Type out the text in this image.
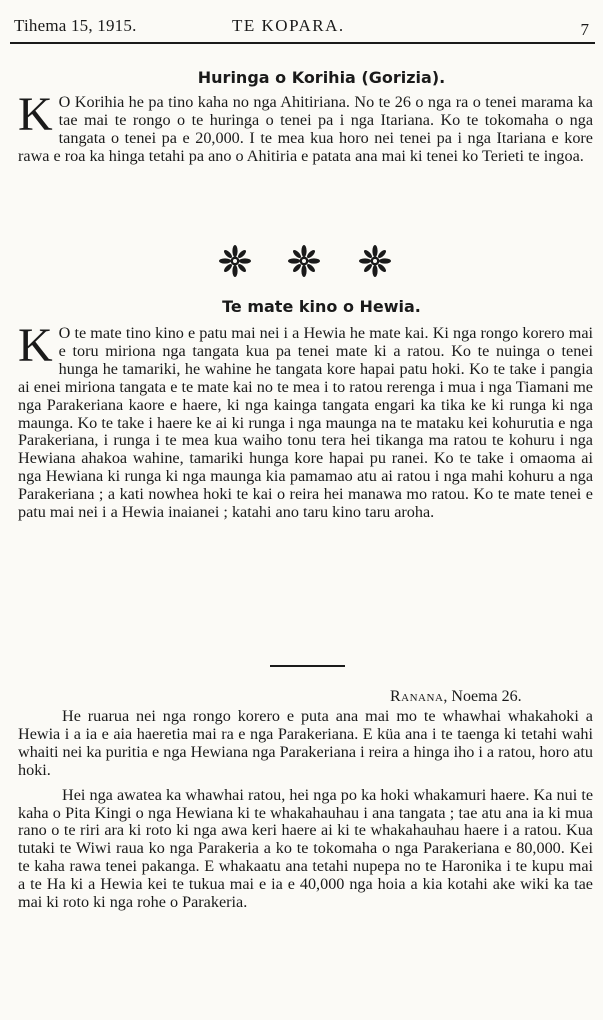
Tihema 15, 1915.	TE KOPARA.	7
Huringa o Korihia (Gorizia).
K O Korihia he pa tino kaha no nga Ahitiriana. No te 26 o nga ra o tenei marama ka tae mai te rongo o te huringa o tenei pa i nga Itariana. Ko te tokomaha o nga tangata o tenei pa e 20,000. I te mea kua horo nei tenei pa i nga Itariana e kore rawa e roa ka hinga tetahi pa ano o Ahitiria e patata ana mai ki tenei ko Terieti te ingoa.
Te mate kino o Hewia.
K O te mate tino kino e patu mai nei i a Hewia he mate kai. Ki nga rongo korero mai e toru miriona nga tangata kua pa tenei mate ki a ratou. Ko te nuinga o tenei hunga he tamariki, he wahine he tangata kore hapai patu hoki. Ko te take i pangia ai enei miriona tangata e te mate kai no te mea i to ratou rerenga i mua i nga Tiamani me nga Parakeriana kaore e haere, ki nga kainga tangata engari ka tika ke ki runga ki nga maunga. Ko te take i haere ke ai ki runga i nga maunga na te mataku kei kohurutia e nga Parakeriana, i runga i te mea kua waiho tonu tera hei tikanga ma ratou te kohuru i nga Hewiana ahakoa wahine, tamariki hunga kore hapai pu ranei. Ko te take i omaoma ai nga Hewiana ki runga ki nga maunga kia pamamao atu ai ratou i nga mahi kohuru a nga Parakeriana ; a kati nowhea hoki te kai o reira hei manawa mo ratou. Ko te mate tenei e patu mai nei i a Hewia inaianei ; katahi ano taru kino taru aroha.
Ranana, Noema 26.

He ruarua nei nga rongo korero e puta ana mai mo te whawhai whakahoki a Hewia i a ia e aia haeretia mai ra e nga Parakeriana. E küa ana i te taenga ki tetahi wahi whaiti nei ka puritia e nga Hewiana nga Parakeriana i reira a hinga iho i a ratou, horo atu hoki.

Hei nga awatea ka whawhai ratou, hei nga po ka hoki whakamuri haere. Ka nui te kaha o Pita Kingi o nga Hewiana ki te whakahauhau i ana tangata ; tae atu ana ia ki mua rano o te riri ara ki roto ki nga awa keri haere ai ki te whakahauhau haere i a ratou. Kua tutaki te Wiwi raua ko nga Parakeria a ko te tokomaha o nga Parakeriana e 80,000. Kei te kaha rawa tenei pakanga. E whakaatu ana tetahi nupepa no te Haronika i te kupu mai a te Ha ki a Hewia kei te tukua mai e ia e 40,000 nga hoia a kia kotahi ake wiki ka tae mai ki roto ki nga rohe o Parakeria.
